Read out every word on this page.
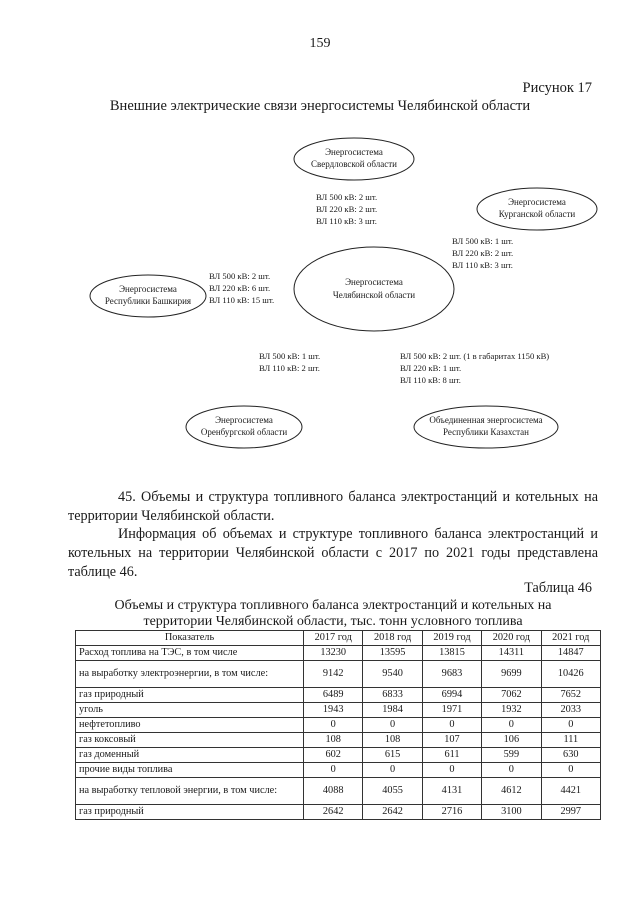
159
Рисунок 17
Внешние электрические связи энергосистемы Челябинской области
Энергосистема
Свердловской области
Энергосистема
Курганской области
Энергосистема
Челябинской области
Энергосистема
Республики Башкирия
Энергосистема
Оренбургской области
Объединенная энергосистема
Республики Казахстан
ВЛ 500 кВ: 2 шт.
ВЛ 220 кВ: 2 шт.
ВЛ 110 кВ: 3 шт.
ВЛ 500 кВ: 1 шт.
ВЛ 220 кВ: 2 шт.
ВЛ 110 кВ: 3 шт.
ВЛ 500 кВ: 2 шт.
ВЛ 220 кВ: 6 шт.
ВЛ 110 кВ: 15 шт.
ВЛ 500 кВ: 1 шт.
ВЛ 110 кВ: 2 шт.
ВЛ 500 кВ: 2 шт. (1 в габаритах 1150 кВ)
ВЛ 220 кВ: 1 шт.
ВЛ 110 кВ: 8 шт.
45. Объемы и структура топливного баланса электростанций и котельных на территории Челябинской области.
Информация об объемах и структуре топливного баланса электростанций и котельных на территории Челябинской области с 2017 по 2021 годы представлена таблице 46.
Таблица 46
Объемы и структура топливного баланса электростанций и котельных на
территории Челябинской области, тыс. тонн условного топлива
Показатель	2017 год	2018 год	2019 год	2020 год	2021 год
Расход топлива на ТЭС, в том числе	13230	13595	13815	14311	14847
на выработку электроэнергии, в том числе:	9142	9540	9683	9699	10426
газ природный	6489	6833	6994	7062	7652
уголь	1943	1984	1971	1932	2033
нефтетопливо	0	0	0	0	0
газ коксовый	108	108	107	106	111
газ доменный	602	615	611	599	630
прочие виды топлива	0	0	0	0	0
на выработку тепловой энергии, в том числе:	4088	4055	4131	4612	4421
газ природный	2642	2642	2716	3100	2997
